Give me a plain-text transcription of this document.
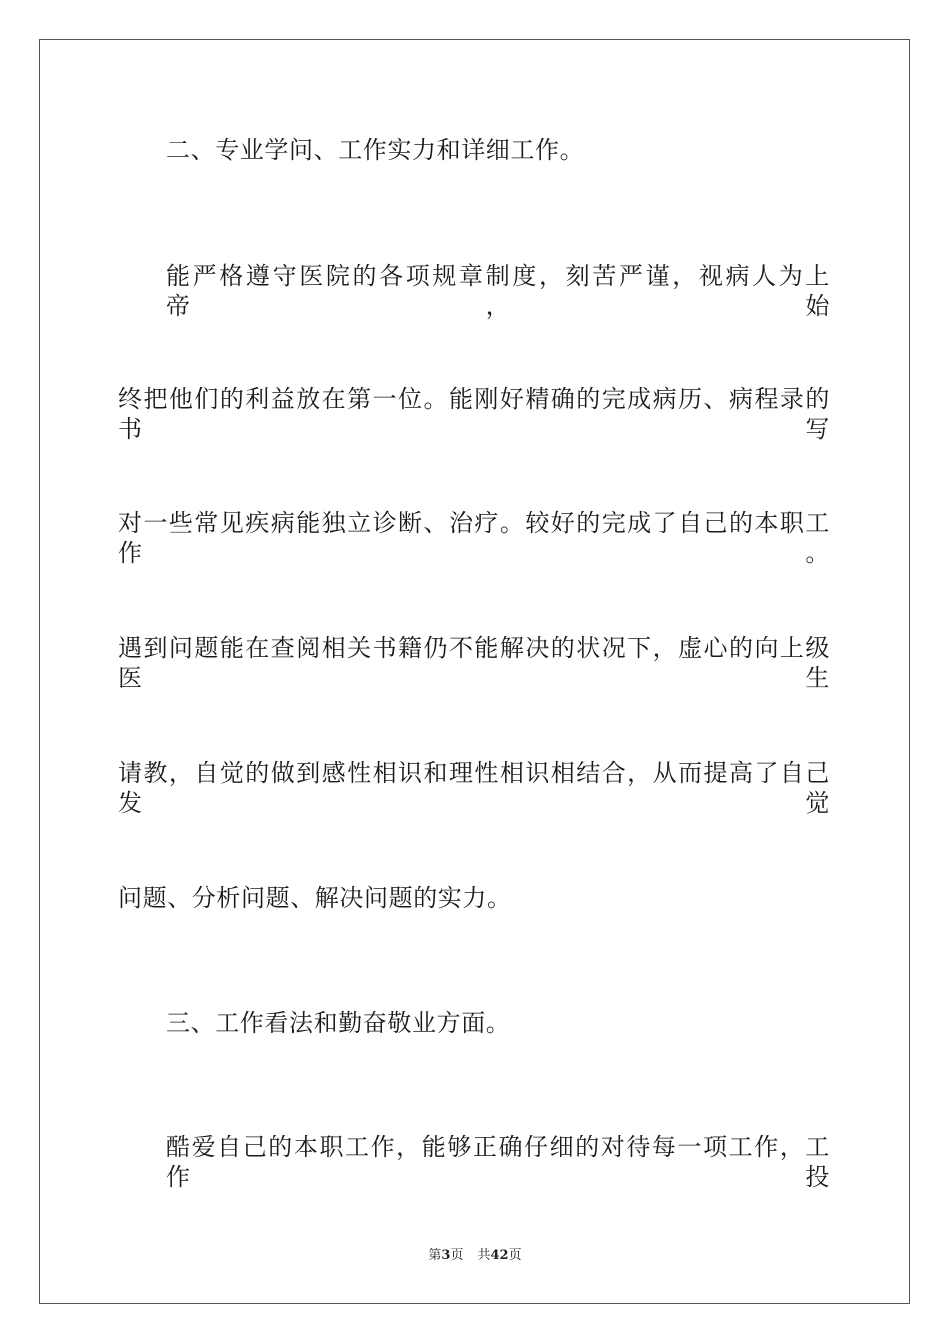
二、专业学问、工作实力和详细工作。
能严格遵守医院的各项规章制度，刻苦严谨，视病人为上帝，始
终把他们的利益放在第一位。能刚好精确的完成病历、病程录的书写
对一些常见疾病能独立诊断、治疗。较好的完成了自己的本职工作。
遇到问题能在查阅相关书籍仍不能解决的状况下，虚心的向上级医生
请教，自觉的做到感性相识和理性相识相结合，从而提高了自己发觉
问题、分析问题、解决问题的实力。
三、工作看法和勤奋敬业方面。
酷爱自己的本职工作，能够正确仔细的对待每一项工作，工作投
第3页 共42页
